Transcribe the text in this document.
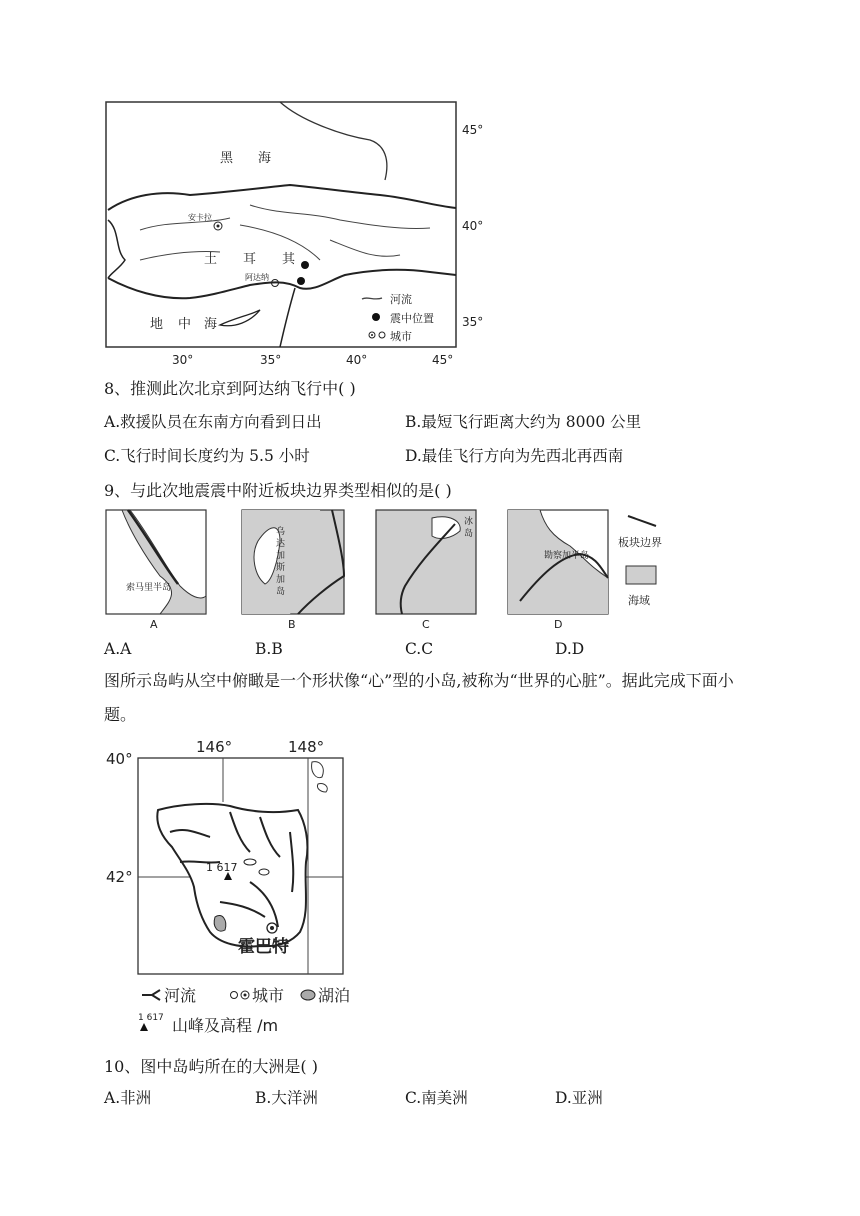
黑 海
土 耳 其
地 中 海
安卡拉
阿达纳
河流
震中位置
城市
45°
40°
35°
30°	35°	40°	45°
8、推测此次北京到阿达纳飞行中( )
A.救援队员在东南方向看到日出	B.最短飞行距离大约为 8000 公里
C.飞行时间长度约为 5.5 小时	D.最佳飞行方向为先西北再西南
9、与此次地震震中附近板块边界类型相似的是( )
索马里半岛
乌
达
加
斯
加
岛
冰
岛
勘察加半岛
板块边界
海域
A	B	C	D
A.A	B.B	C.C	D.D
图所示岛屿从空中俯瞰是一个形状像“心”型的小岛,被称为“世界的心脏”。据此完成下面小题。
40°
42°
146°	148°
1 617
霍巴特
河流	城市 湖泊
1 617 山峰及高程 /m
10、图中岛屿所在的大洲是( )
A.非洲	B.大洋洲	C.南美洲	D.亚洲
